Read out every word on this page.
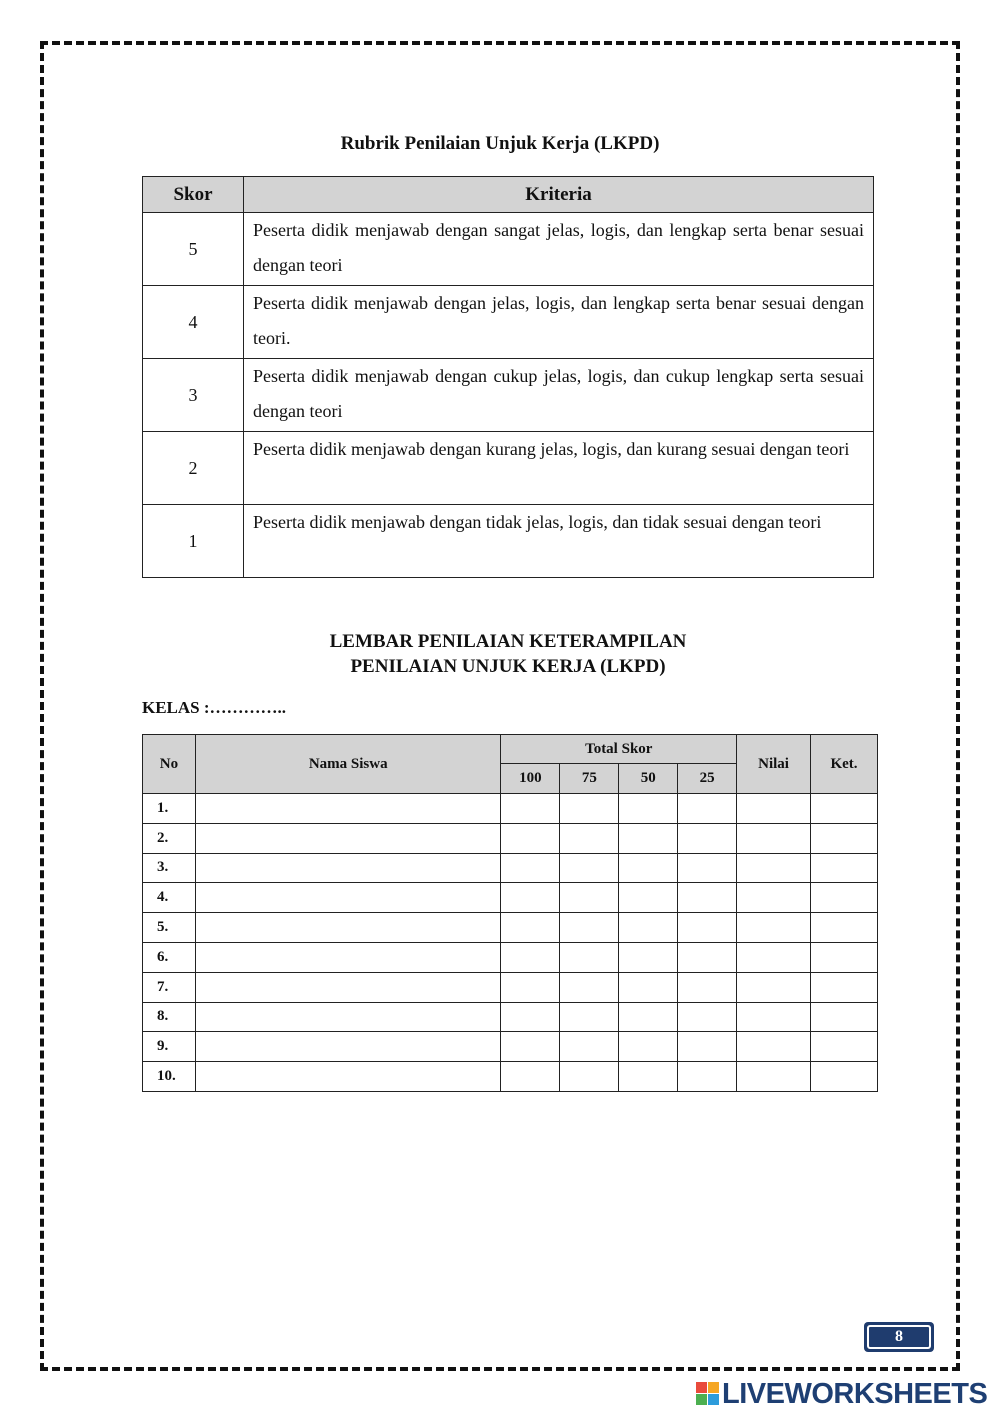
Rubrik Penilaian Unjuk Kerja (LKPD)
Skor	Kriteria
5	Peserta didik menjawab dengan sangat jelas, logis, dan lengkap serta benar sesuai dengan teori
4	Peserta didik menjawab dengan jelas, logis, dan lengkap serta benar sesuai dengan teori.
3	Peserta didik menjawab dengan cukup jelas, logis, dan cukup lengkap serta sesuai dengan teori
2	Peserta didik menjawab dengan kurang jelas, logis, dan kurang sesuai dengan teori
1	Peserta didik menjawab dengan tidak jelas, logis, dan tidak sesuai dengan teori
LEMBAR PENILAIAN KETERAMPILAN
PENILAIAN UNJUK KERJA (LKPD)
KELAS :…………..
No	Nama Siswa	Total Skor				Nilai	Ket.
		100	75	50	25		
1.							
2.							
3.							
4.							
5.							
6.							
7.							
8.							
9.							
10.							
8
LIVEWORKSHEETS
